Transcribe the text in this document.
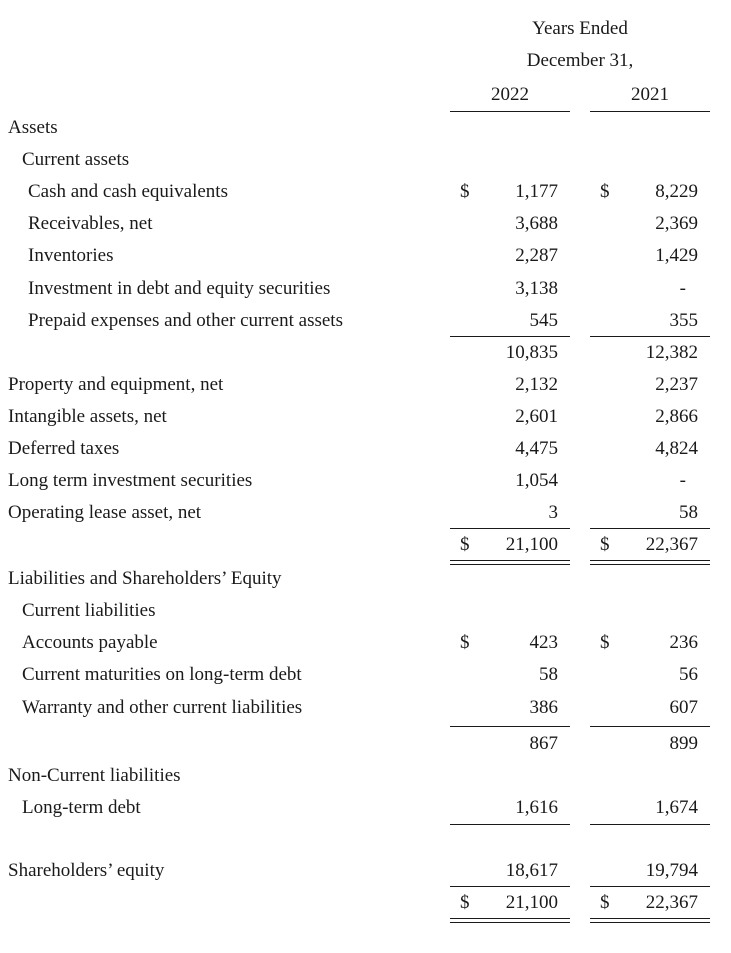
Years Ended
December 31,
2022	2021
Assets
Current assets
Cash and cash equivalents	$	1,177 $	8,229
Receivables, net	3,688	2,369
Inventories	2,287	1,429
Investment in debt and equity securities	3,138	-
Prepaid expenses and other current assets	545	355
10,835	12,382
Property and equipment, net	2,132	2,237
Intangible assets, net	2,601	2,866
Deferred taxes	4,475	4,824
Long term investment securities	1,054	-
Operating lease asset, net	3	58
$	21,100 $	22,367
Liabilities and Shareholders’ Equity
Current liabilities
Accounts payable	$	423 $	236
Current maturities on long-term debt	58	56
Warranty and other current liabilities	386	607
867	899
Non-Current liabilities
Long-term debt	1,616	1,674
Shareholders’ equity	18,617	19,794
$	21,100 $	22,367
